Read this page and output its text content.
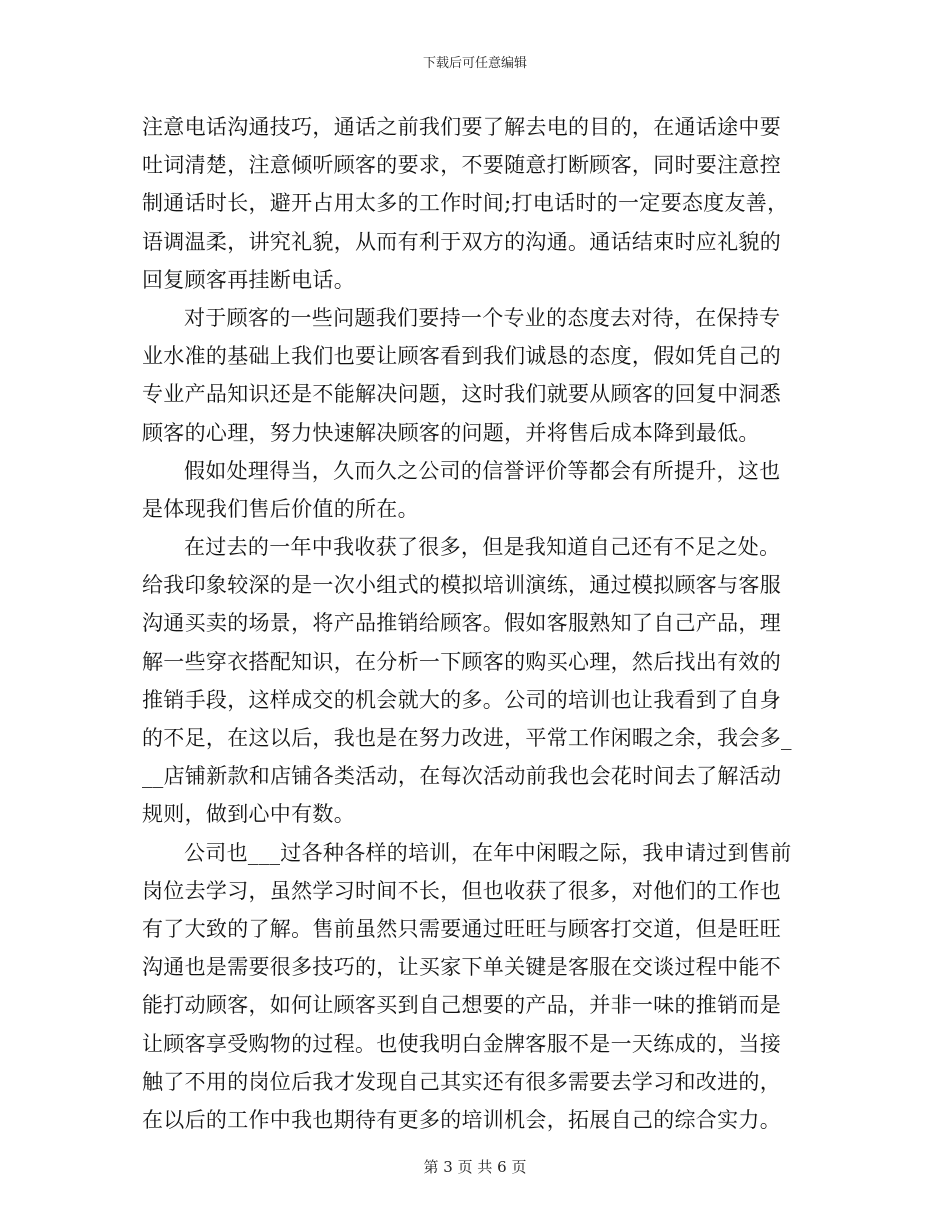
下载后可任意编辑
注意电话沟通技巧，通话之前我们要了解去电的目的，在通话途中要
吐词清楚，注意倾听顾客的要求，不要随意打断顾客，同时要注意控
制通话时长，避开占用太多的工作时间;打电话时的一定要态度友善，
语调温柔，讲究礼貌，从而有利于双方的沟通。通话结束时应礼貌的
回复顾客再挂断电话。
对于顾客的一些问题我们要持一个专业的态度去对待，在保持专
业水准的基础上我们也要让顾客看到我们诚恳的态度，假如凭自己的
专业产品知识还是不能解决问题，这时我们就要从顾客的回复中洞悉
顾客的心理，努力快速解决顾客的问题，并将售后成本降到最低。
假如处理得当，久而久之公司的信誉评价等都会有所提升，这也
是体现我们售后价值的所在。
在过去的一年中我收获了很多，但是我知道自己还有不足之处。
给我印象较深的是一次小组式的模拟培训演练，通过模拟顾客与客服
沟通买卖的场景，将产品推销给顾客。假如客服熟知了自己产品，理
解一些穿衣搭配知识，在分析一下顾客的购买心理，然后找出有效的
推销手段，这样成交的机会就大的多。公司的培训也让我看到了自身
的不足，在这以后，我也是在努力改进，平常工作闲暇之余，我会多_
__店铺新款和店铺各类活动，在每次活动前我也会花时间去了解活动
规则，做到心中有数。
公司也___过各种各样的培训，在年中闲暇之际，我申请过到售前
岗位去学习，虽然学习时间不长，但也收获了很多，对他们的工作也
有了大致的了解。售前虽然只需要通过旺旺与顾客打交道，但是旺旺
沟通也是需要很多技巧的，让买家下单关键是客服在交谈过程中能不
能打动顾客，如何让顾客买到自己想要的产品，并非一味的推销而是
让顾客享受购物的过程。也使我明白金牌客服不是一天练成的，当接
触了不用的岗位后我才发现自己其实还有很多需要去学习和改进的，
在以后的工作中我也期待有更多的培训机会，拓展自己的综合实力。
第 3 页 共 6 页
